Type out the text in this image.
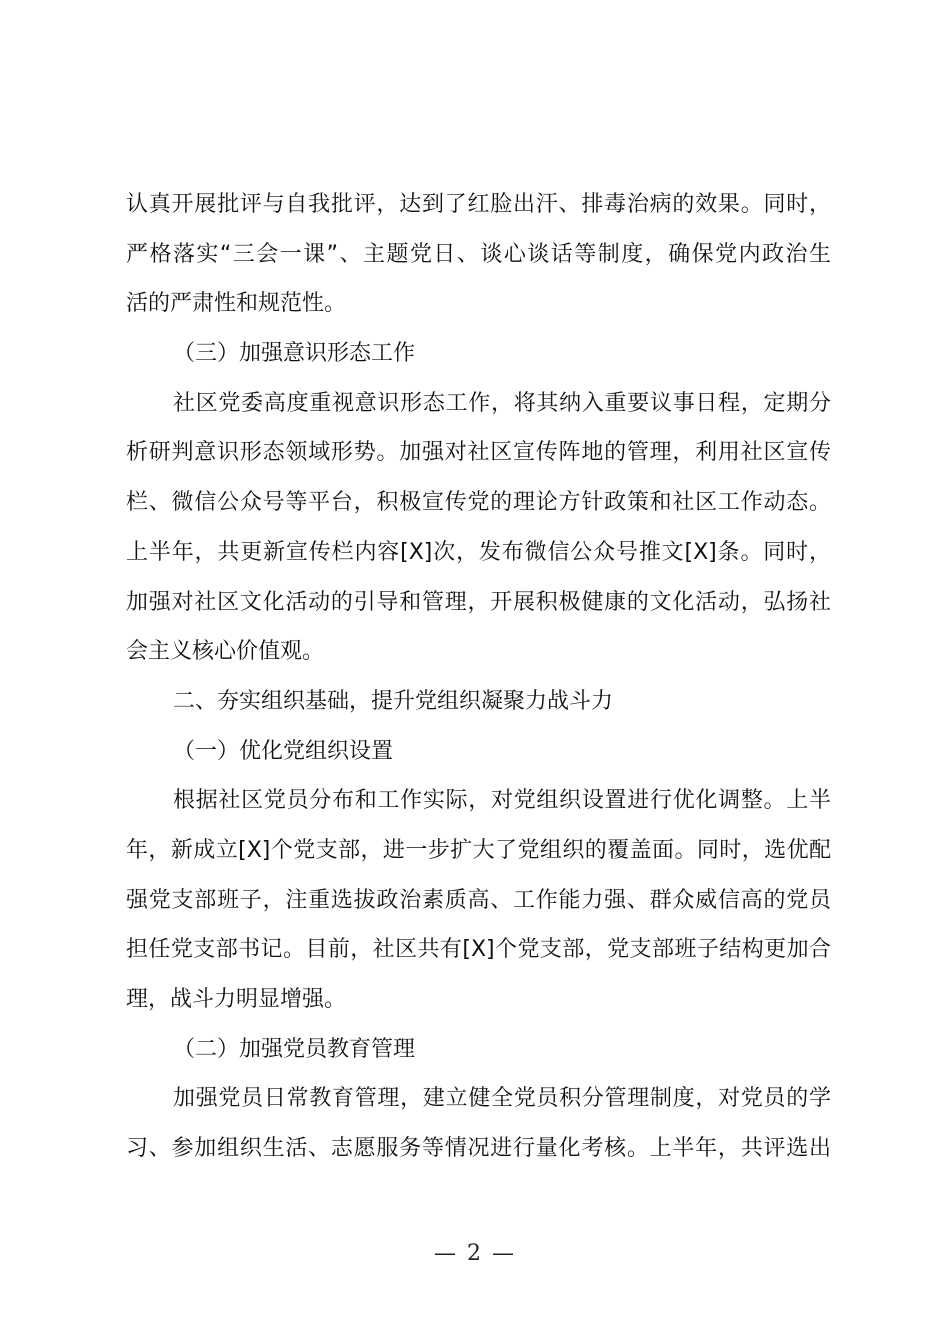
认真开展批评与自我批评，达到了红脸出汗、排毒治病的效果。同时，
严格落实“三会一课”、主题党日、谈心谈话等制度，确保党内政治生
活的严肃性和规范性。
（三）加强意识形态工作
社区党委高度重视意识形态工作，将其纳入重要议事日程，定期分
析研判意识形态领域形势。加强对社区宣传阵地的管理，利用社区宣传
栏、微信公众号等平台，积极宣传党的理论方针政策和社区工作动态。
上半年，共更新宣传栏内容[X]次，发布微信公众号推文[X]条。同时，
加强对社区文化活动的引导和管理，开展积极健康的文化活动，弘扬社
会主义核心价值观。
二、夯实组织基础，提升党组织凝聚力战斗力
（一）优化党组织设置
根据社区党员分布和工作实际，对党组织设置进行优化调整。上半
年，新成立[X]个党支部，进一步扩大了党组织的覆盖面。同时，选优配
强党支部班子，注重选拔政治素质高、工作能力强、群众威信高的党员
担任党支部书记。目前，社区共有[X]个党支部，党支部班子结构更加合
理，战斗力明显增强。
（二）加强党员教育管理
加强党员日常教育管理，建立健全党员积分管理制度，对党员的学
习、参加组织生活、志愿服务等情况进行量化考核。上半年，共评选出
— 2 —
